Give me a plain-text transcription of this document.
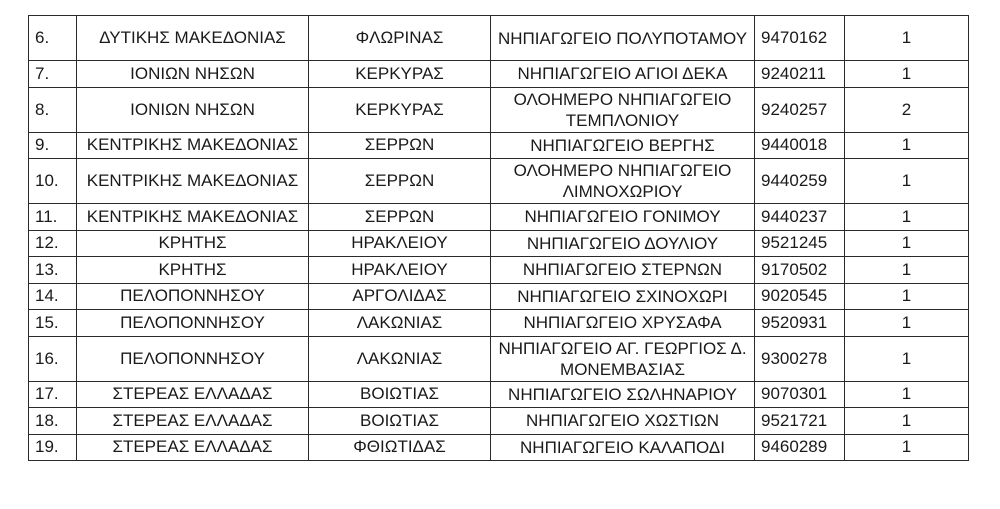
6.	ΔΥΤΙΚΗΣ ΜΑΚΕΔΟΝΙΑΣ	ΦΛΩΡΙΝΑΣ	ΝΗΠΙΑΓΩΓΕΙΟ ΠΟΛΥΠΟΤΑΜΟΥ	9470162	1
7.	ΙΟΝΙΩΝ ΝΗΣΩΝ	ΚΕΡΚΥΡΑΣ	ΝΗΠΙΑΓΩΓΕΙΟ ΑΓΙΟΙ ΔΕΚΑ	9240211	1
8.	ΙΟΝΙΩΝ ΝΗΣΩΝ	ΚΕΡΚΥΡΑΣ	ΟΛΟΗΜΕΡΟ ΝΗΠΙΑΓΩΓΕΙΟ ΤΕΜΠΛΟΝΙΟΥ	9240257	2
9.	ΚΕΝΤΡΙΚΗΣ ΜΑΚΕΔΟΝΙΑΣ	ΣΕΡΡΩΝ	ΝΗΠΙΑΓΩΓΕΙΟ ΒΕΡΓΗΣ	9440018	1
10.	ΚΕΝΤΡΙΚΗΣ ΜΑΚΕΔΟΝΙΑΣ	ΣΕΡΡΩΝ	ΟΛΟΗΜΕΡΟ ΝΗΠΙΑΓΩΓΕΙΟ ΛΙΜΝΟΧΩΡΙΟΥ	9440259	1
11.	ΚΕΝΤΡΙΚΗΣ ΜΑΚΕΔΟΝΙΑΣ	ΣΕΡΡΩΝ	ΝΗΠΙΑΓΩΓΕΙΟ ΓΟΝΙΜΟΥ	9440237	1
12.	ΚΡΗΤΗΣ	ΗΡΑΚΛΕΙΟΥ	ΝΗΠΙΑΓΩΓΕΙΟ ΔΟΥΛΙΟΥ	9521245	1
13.	ΚΡΗΤΗΣ	ΗΡΑΚΛΕΙΟΥ	ΝΗΠΙΑΓΩΓΕΙΟ ΣΤΕΡΝΩΝ	9170502	1
14.	ΠΕΛΟΠΟΝΝΗΣΟΥ	ΑΡΓΟΛΙΔΑΣ	ΝΗΠΙΑΓΩΓΕΙΟ ΣΧΙΝΟΧΩΡΙ	9020545	1
15.	ΠΕΛΟΠΟΝΝΗΣΟΥ	ΛΑΚΩΝΙΑΣ	ΝΗΠΙΑΓΩΓΕΙΟ ΧΡΥΣΑΦΑ	9520931	1
16.	ΠΕΛΟΠΟΝΝΗΣΟΥ	ΛΑΚΩΝΙΑΣ	ΝΗΠΙΑΓΩΓΕΙΟ ΑΓ. ΓΕΩΡΓΙΟΣ Δ. ΜΟΝΕΜΒΑΣΙΑΣ	9300278	1
17.	ΣΤΕΡΕΑΣ ΕΛΛΑΔΑΣ	ΒΟΙΩΤΙΑΣ	ΝΗΠΙΑΓΩΓΕΙΟ ΣΩΛΗΝΑΡΙΟΥ	9070301	1
18.	ΣΤΕΡΕΑΣ ΕΛΛΑΔΑΣ	ΒΟΙΩΤΙΑΣ	ΝΗΠΙΑΓΩΓΕΙΟ ΧΩΣΤΙΩΝ	9521721	1
19.	ΣΤΕΡΕΑΣ ΕΛΛΑΔΑΣ	ΦΘΙΩΤΙΔΑΣ	ΝΗΠΙΑΓΩΓΕΙΟ ΚΑΛΑΠΟΔΙ	9460289	1
